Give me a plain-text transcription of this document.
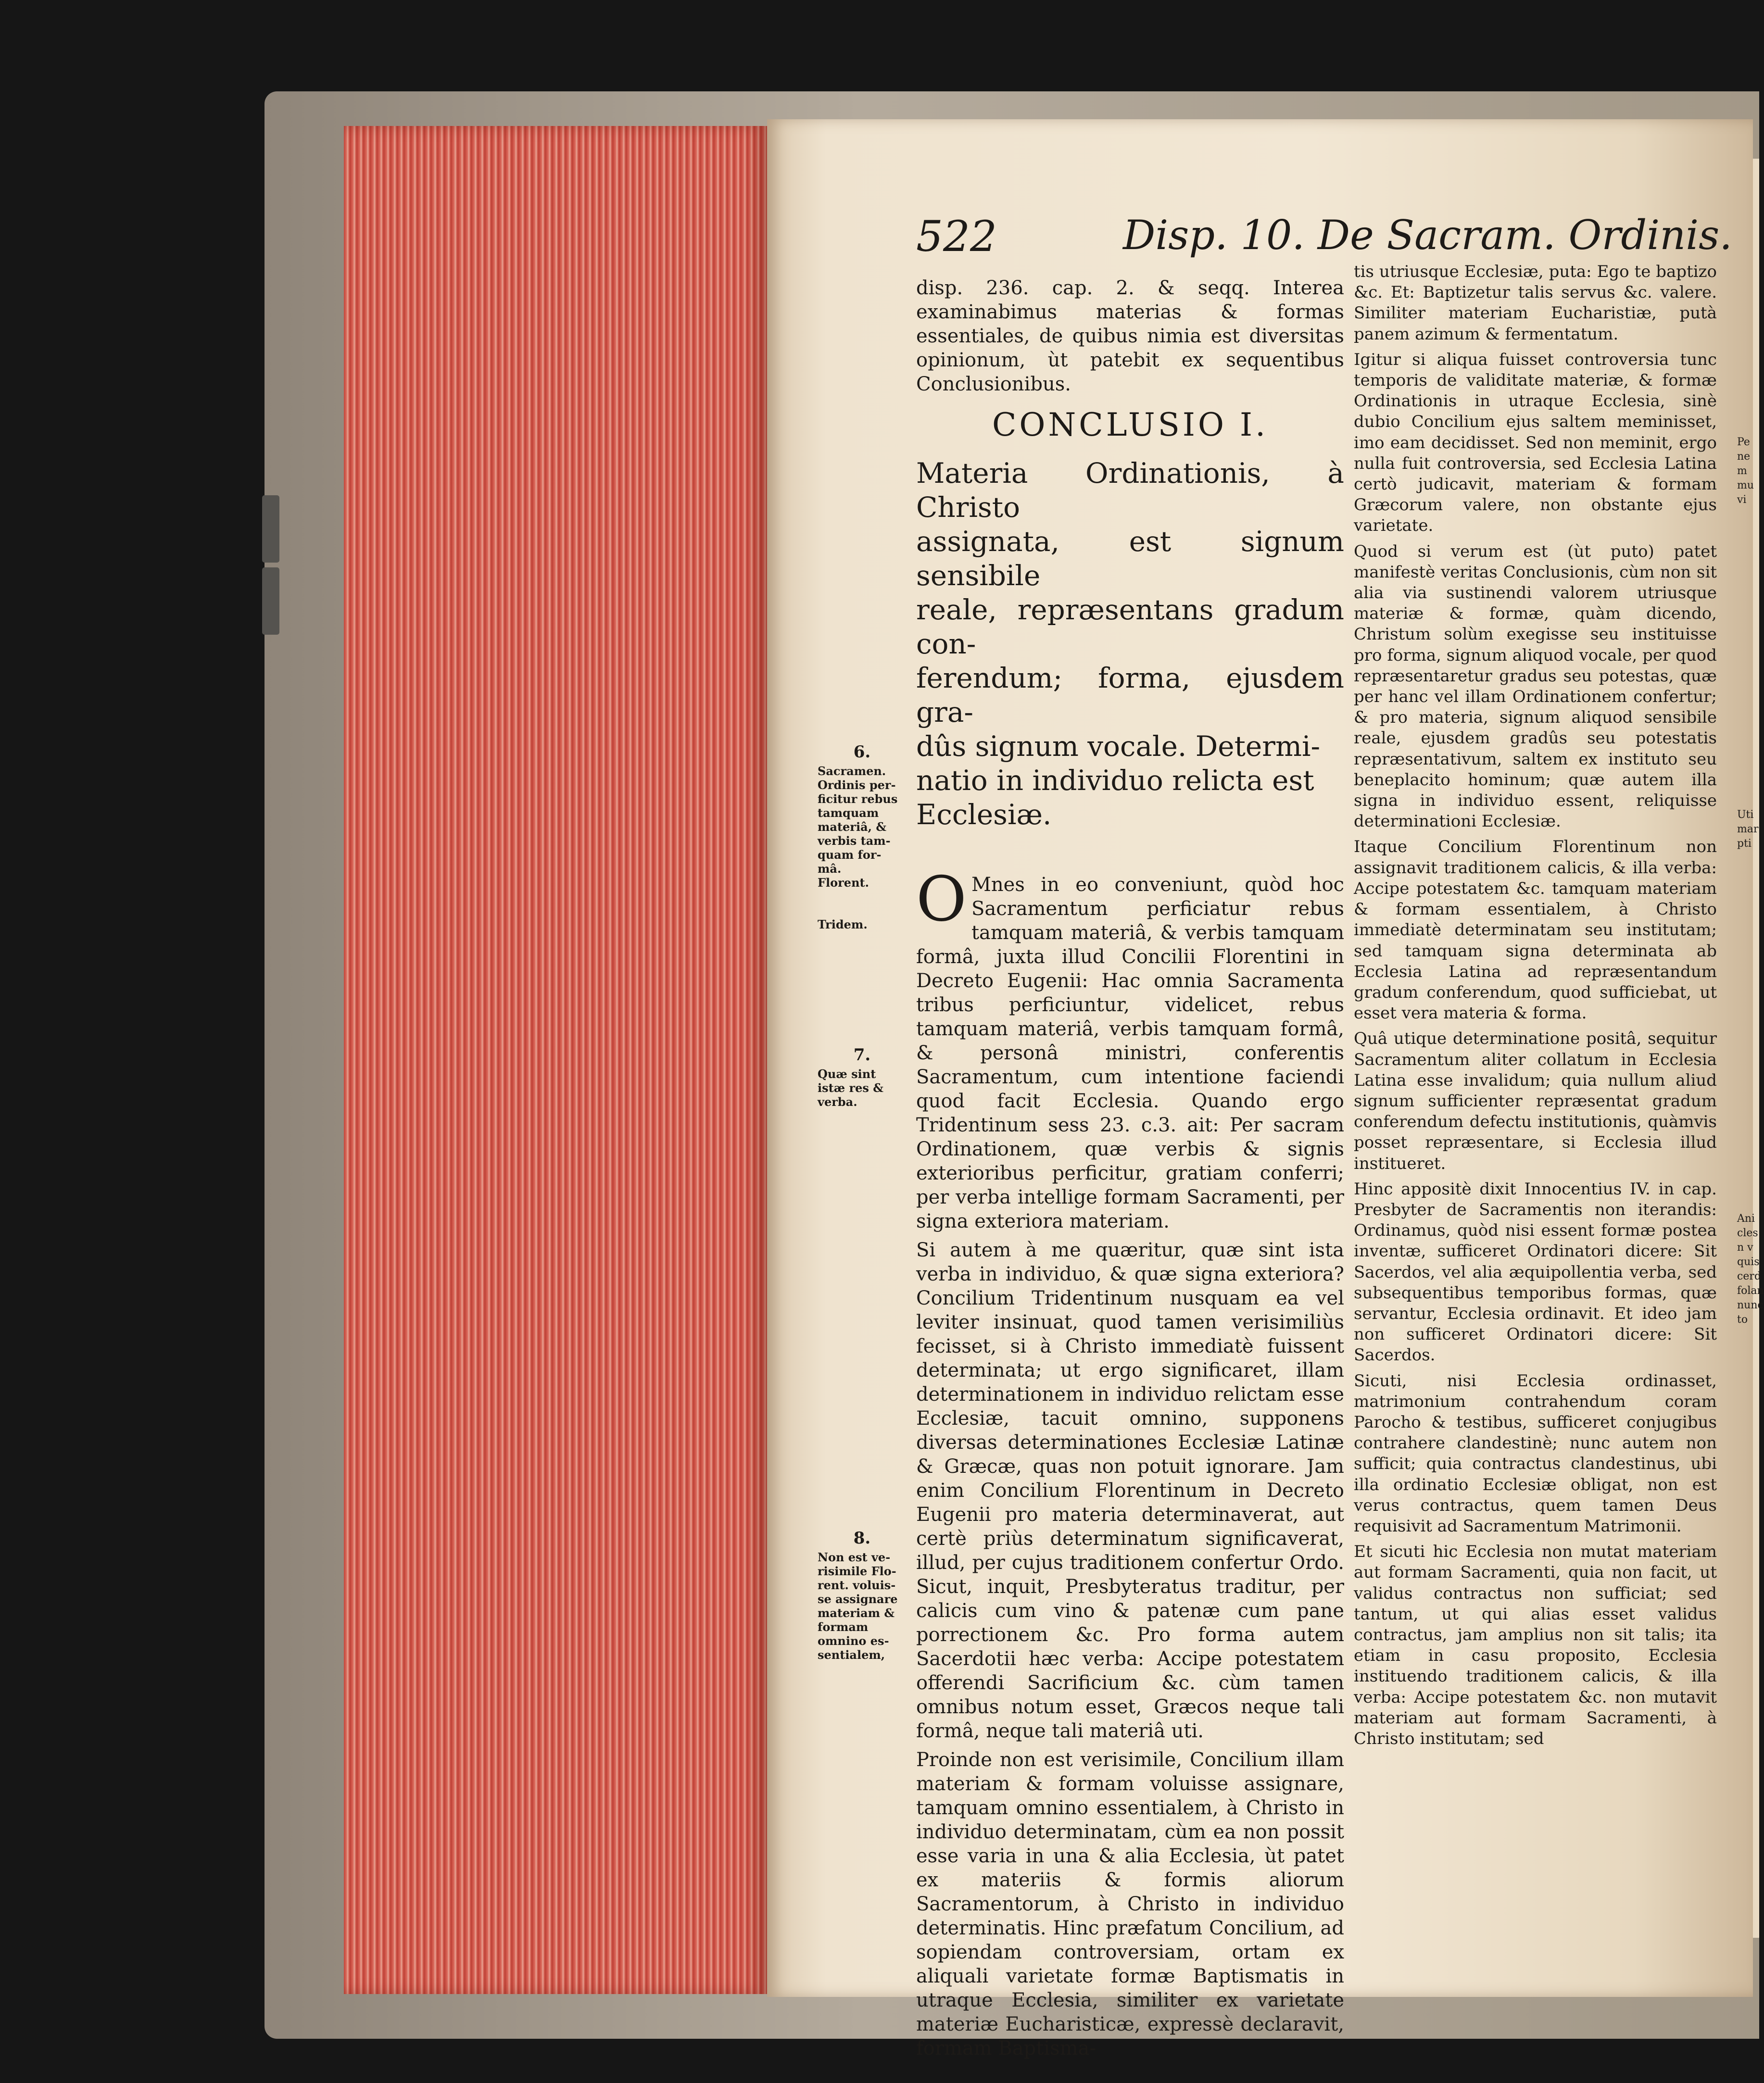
522	Disp. 10. De Sacram. Ordinis.

disp. 236. cap. 2. & seqq. Interea examinabimus materias & formas essentiales, de quibus nimia est diversitas opinionum, ùt patebit ex sequentibus Conclusionibus.

CONCLUSIO I.

Materia Ordinationis, à Christo
assignata, est signum sensibile
reale, repræsentans gradum con-
ferendum; forma, ejusdem gra-
dûs signum vocale. Determi-
natio in individuo relicta est
Ecclesiæ.

O Mnes in eo conveniunt, quòd hoc Sacramentum perficiatur rebus tamquam materiâ, & verbis tamquam formâ, juxta illud Concilii Florentini in Decreto Eugenii: Hac omnia Sacramenta tribus perficiuntur, videlicet, rebus tamquam materiâ, verbis tamquam formâ, & personâ ministri, conferentis Sacramentum, cum intentione faciendi quod facit Ecclesia. Quando ergo Tridentinum sess 23. c.3. ait: Per sacram Ordinationem, quæ verbis & signis exterioribus perficitur, gratiam conferri; per verba intellige formam Sacramenti, per signa exteriora materiam.

Si autem à me quæritur, quæ sint ista verba in individuo, & quæ signa exteriora? Concilium Tridentinum nusquam ea vel leviter insinuat, quod tamen verisimiliùs fecisset, si à Christo immediatè fuissent determinata; ut ergo significaret, illam determinationem in individuo relictam esse Ecclesiæ, tacuit omnino, supponens diversas determinationes Ecclesiæ Latinæ & Græcæ, quas non potuit ignorare. Jam enim Concilium Florentinum in Decreto Eugenii pro materia determinaverat, aut certè priùs determinatum significaverat, illud, per cujus traditionem confertur Ordo. Sicut, inquit, Presbyteratus traditur, per calicis cum vino & patenæ cum pane porrectionem &c. Pro forma autem Sacerdotii hæc verba: Accipe potestatem offerendi Sacrificium &c. cùm tamen omnibus notum esset, Græcos neque tali formâ, neque tali materiâ uti.

Proinde non est verisimile, Concilium illam materiam & formam voluisse assignare, tamquam omnino essentialem, à Christo in individuo determinatam, cùm ea non possit esse varia in una & alia Ecclesia, ùt patet ex materiis & formis aliorum Sacramentorum, à Christo in individuo determinatis. Hinc præfatum Concilium, ad sopiendam controversiam, ortam ex aliquali varietate formæ Baptismatis in utraque Ecclesia, similiter ex varietate materiæ Eucharisticæ, expressè declaravit, formam Baptisma-

tis utriusque Ecclesiæ, puta: Ego te baptizo &c. Et: Baptizetur talis servus &c. valere. Similiter materiam Eucharistiæ, putà panem azimum & fermentatum.

Igitur si aliqua fuisset controversia tunc temporis de validitate materiæ, & formæ Ordinationis in utraque Ecclesia, sinè dubio Concilium ejus saltem meminisset, imo eam decidisset. Sed non meminit, ergo nulla fuit controversia, sed Ecclesia Latina certò judicavit, materiam & formam Græcorum valere, non obstante ejus varietate.

Quod si verum est (ùt puto) patet manifestè veritas Conclusionis, cùm non sit alia via sustinendi valorem utriusque materiæ & formæ, quàm dicendo, Christum solùm exegisse seu instituisse pro forma, signum aliquod vocale, per quod repræsentaretur gradus seu potestas, quæ per hanc vel illam Ordinationem confertur; & pro materia, signum aliquod sensibile reale, ejusdem gradûs seu potestatis repræsentativum, saltem ex instituto seu beneplacito hominum; quæ autem illa signa in individuo essent, reliquisse determinationi Ecclesiæ.

Itaque Concilium Florentinum non assignavit traditionem calicis, & illa verba: Accipe potestatem &c. tamquam materiam & formam essentialem, à Christo immediatè determinatam seu institutam; sed tamquam signa determinata ab Ecclesia Latina ad repræsentandum gradum conferendum, quod sufficiebat, ut esset vera materia & forma.

Quâ utique determinatione positâ, sequitur Sacramentum aliter collatum in Ecclesia Latina esse invalidum; quia nullum aliud signum sufficienter repræsentat gradum conferendum defectu institutionis, quàmvis posset repræsentare, si Ecclesia illud institueret.

Hinc appositè dixit Innocentius IV. in cap. Presbyter de Sacramentis non iterandis: Ordinamus, quòd nisi essent formæ postea inventæ, sufficeret Ordinatori dicere: Sit Sacerdos, vel alia æquipollentia verba, sed subsequentibus temporibus formas, quæ servantur, Ecclesia ordinavit. Et ideo jam non sufficeret Ordinatori dicere: Sit Sacerdos.

Sicuti, nisi Ecclesia ordinasset, matrimonium contrahendum coram Parocho & testibus, sufficeret conjugibus contrahere clandestinè; nunc autem non sufficit; quia contractus clandestinus, ubi illa ordinatio Ecclesiæ obligat, non est verus contractus, quem tamen Deus requisivit ad Sacramentum Matrimonii.

Et sicuti hic Ecclesia non mutat materiam aut formam Sacramenti, quia non facit, ut validus contractus non sufficiat; sed tantum, ut qui alias esset validus contractus, jam amplius non sit talis; ita etiam in casu proposito, Ecclesia instituendo traditionem calicis, & illa verba: Accipe potestatem &c. non mutavit materiam aut formam Sacramenti, à Christo institutam; sed

6.
Sacramen.
Ordinis per-
ficitur rebus
tamquam
materiâ, &
verbis tam-
quam for-
mâ.
Florent.
Tridem.
7.
Quæ sint
istæ res &
verba.
8.
Non est ve-
risimile Flo-
rent. voluis-
se assignare
materiam &
formam
omnino es-
sentialem,
Pe
ne
m
mu
vi
Uti
mar
pti
Ani
cles
n v
quis
cerd
folan
nunc
to
